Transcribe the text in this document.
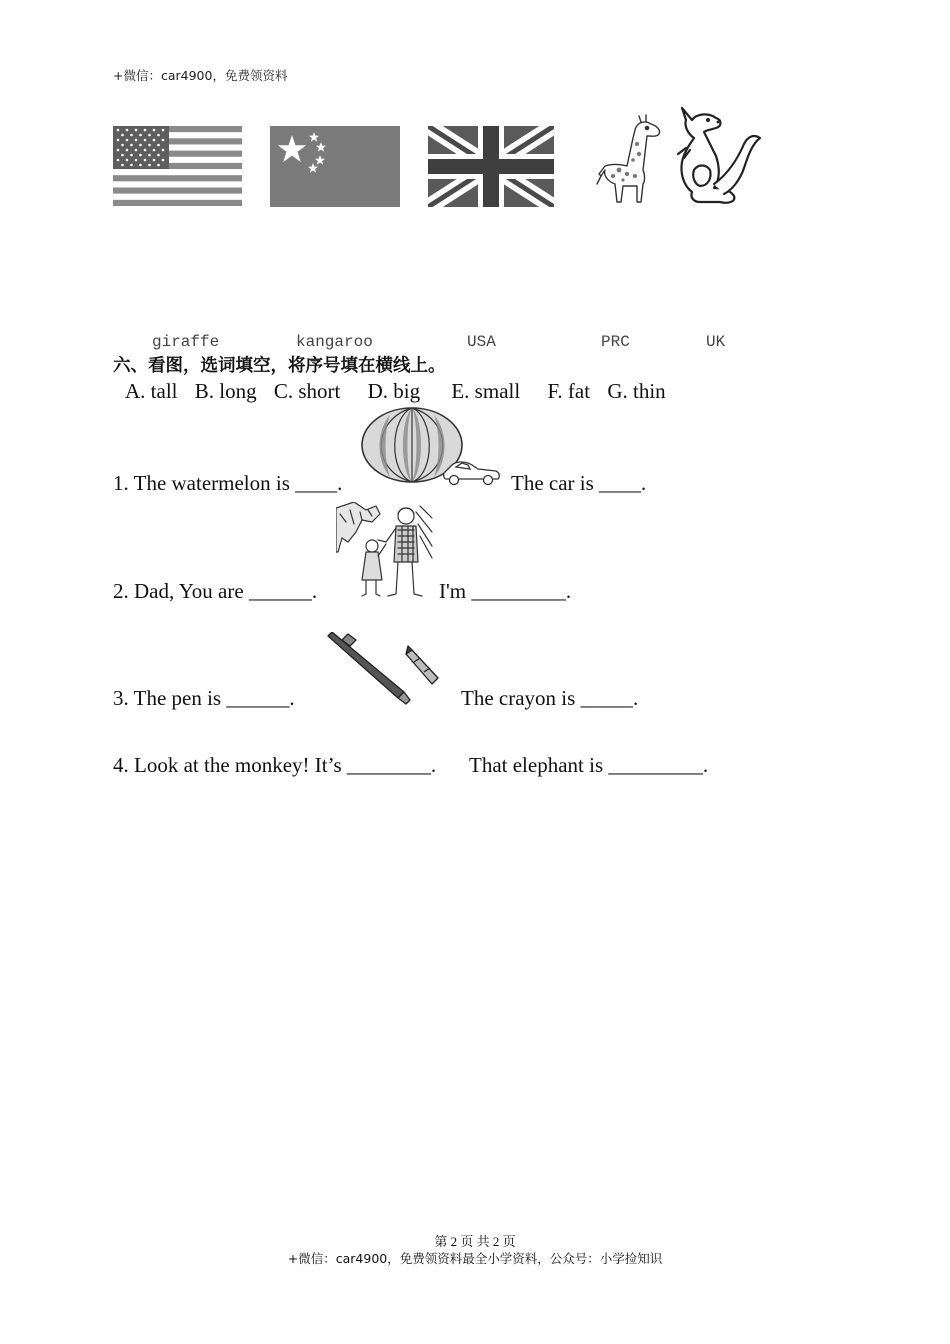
+微信：car4900，免费领资料
giraffe	kangaroo	USA	PRC	UK
六、看图，选词填空，将序号填在横线上。
A. tall B. long C. short D. big E. small F. fat G. thin
1. The watermelon is ____.	The car is ____.
2. Dad, You are ______.	I'm _________.
3. The pen is ______.	The crayon is _____.
4. Look at the monkey! It’s ________. That elephant is _________.
第 2 页 共 2 页
+微信：car4900，免费领资料最全小学资料，公众号：小学捡知识
